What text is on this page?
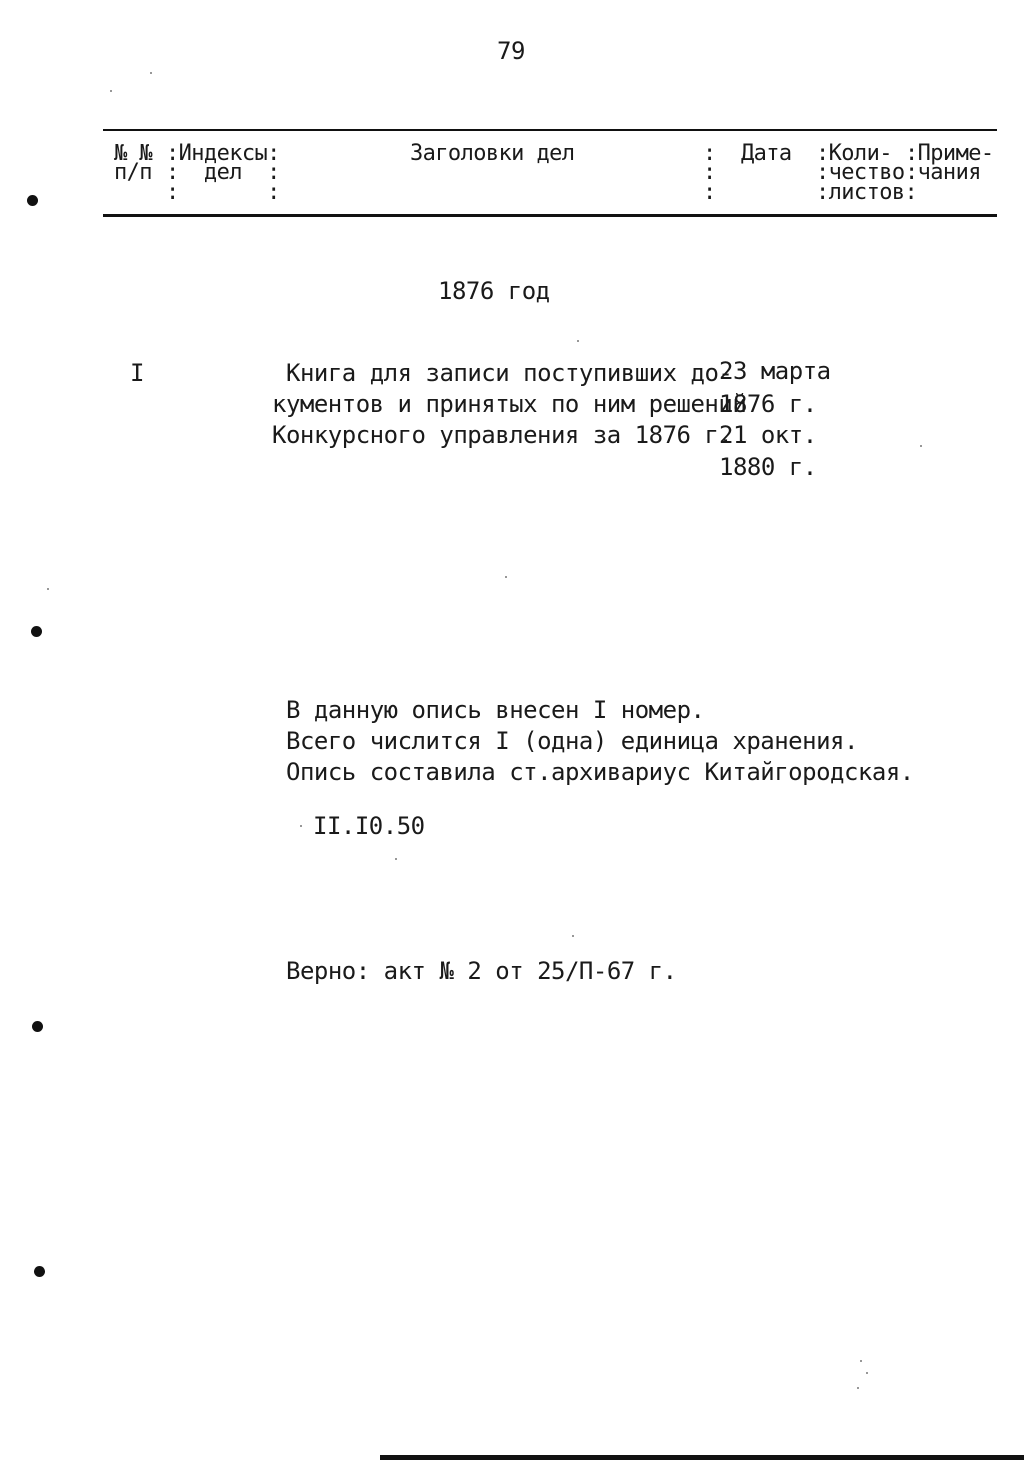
79
№ №
п/п
:Индексы:
:  дел  :
:       :
Заголовки дел	:
:
:
Дата :Коли-
:чество
:листов:
:Приме-
:чания
1876 год
I	Книга для записи поступивших до-
кументов и принятых по ним решений
Конкурсного управления за 1876 г.
23 марта
1876 г.
21 окт.
1880 г.
В данную опись внесен I номер.
Всего числится I (одна) единица хранения.
Опись составила ст.архивариус Китайгородская.
II.I0.50
Верно: акт № 2 от 25/П-67 г.
